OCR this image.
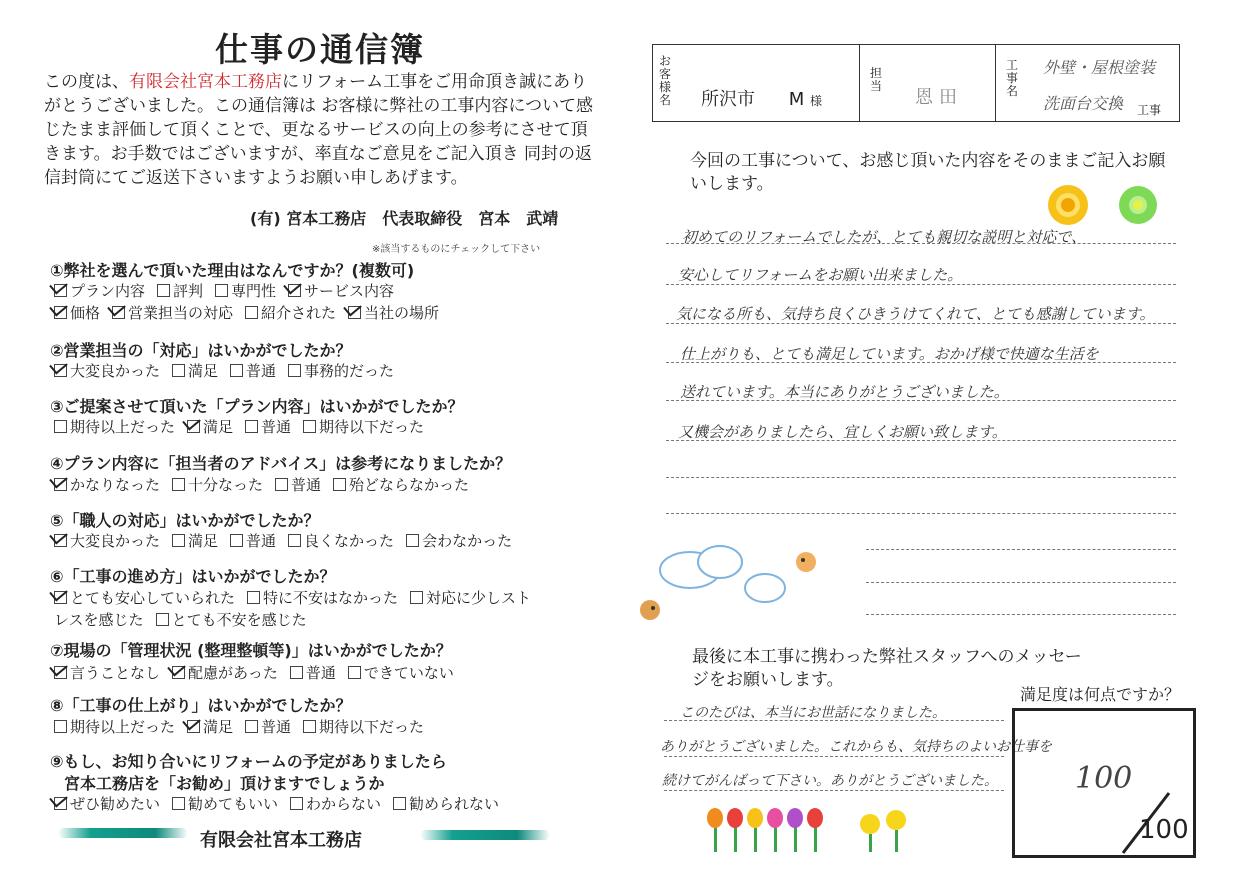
仕事の通信簿
この度は、有限会社宮本工務店にリフォーム工事をご用命頂き誠にありがとうございました。この通信簿は お客様に弊社の工事内容について感じたまま評価して頂くことで、更なるサービスの向上の参考にさせて頂きます。お手数ではございますが、率直なご意見をご記入頂き 同封の返信封筒にてご返送下さいますようお願い申しあげます。
(有) 宮本工務店　代表取締役　宮本　武靖
※該当するものにチェックして下さい
①弊社を選んで頂いた理由はなんですか？(複数可)
プラン内容 評判 専門性 サービス内容
価格 営業担当の対応 紹介された 当社の場所
②営業担当の「対応」はいかがでしたか？
大変良かった 満足 普通 事務的だった
③ご提案させて頂いた「プラン内容」はいかがでしたか？
期待以上だった 満足 普通 期待以下だった
④プラン内容に「担当者のアドバイス」は参考になりましたか？
かなりなった 十分なった 普通 殆どならなかった
⑤「職人の対応」はいかがでしたか？
大変良かった 満足 普通 良くなかった 会わなかった
⑥「工事の進め方」はいかがでしたか？
とても安心していられた 特に不安はなかった 対応に少しスト
レスを感じた とても不安を感じた
⑦現場の「管理状況 (整理整頓等)」はいかがでしたか？
言うことなし 配慮があった 普通 できていない
⑧「工事の仕上がり」はいかがでしたか？
期待以上だった 満足 普通 期待以下だった
⑨もし、お知り合いにリフォームの予定がありましたら
宮本工務店を「お勧め」頂けますでしょうか
ぜひ勧めたい 勧めてもいい わからない 勧められない
有限会社宮本工務店
お客様名 所沢市 M 様
担当
恩田
工事名
外壁・屋根塗装
洗面台交換 工事
今回の工事について、お感じ頂いた内容をそのままご記入お願いします。
初めてのリフォームでしたが、とても親切な説明と対応で、
安心してリフォームをお願い出来ました。
気になる所も、気持ち良くひきうけてくれて、とても感謝しています。
仕上がりも、とても満足しています。おかげ様で快適な生活を
送れています。本当にありがとうございました。
又機会がありましたら、宜しくお願い致します。
最後に本工事に携わった弊社スタッフへのメッセージをお願いします。
このたびは、本当にお世話になりました。
ありがとうございました。これからも、気持ちのよいお仕事を
続けてがんばって下さい。ありがとうございました。
満足度は何点ですか？
100
100
